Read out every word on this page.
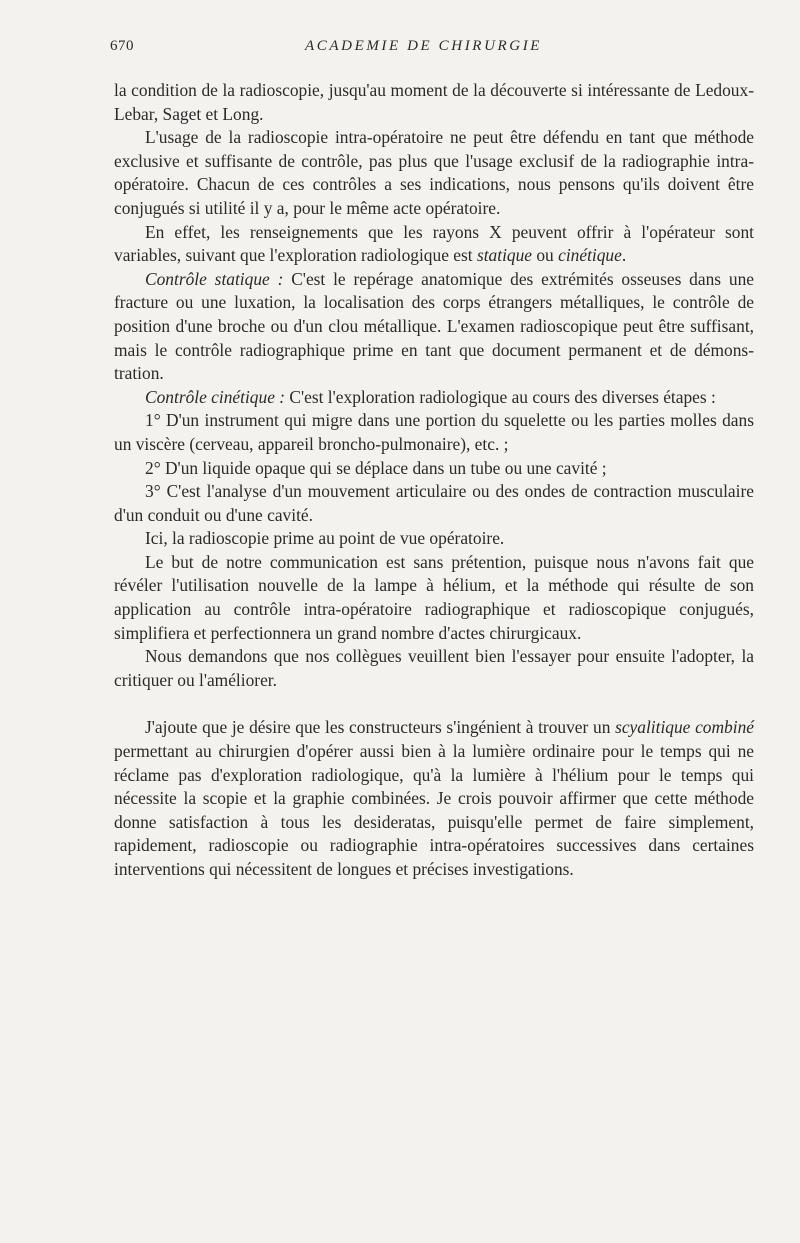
670	ACADEMIE DE CHIRURGIE

la condition de la radioscopie, jusqu'au moment de la découverte si intéressante de Ledoux-Lebar, Saget et Long.

L'usage de la radioscopie intra-opératoire ne peut être défendu en tant que méthode exclusive et suffisante de contrôle, pas plus que l'usage exclusif de la radiographie intra-opératoire. Chacun de ces contrôles a ses indications, nous pensons qu'ils doivent être conjugués si utilité il y a, pour le même acte opératoire.

En effet, les renseignements que les rayons X peuvent offrir à l'opérateur sont variables, suivant que l'exploration radiologique est statique ou cinétique.

Contrôle statique : C'est le repérage anatomique des extrémités osseuses dans une fracture ou une luxation, la localisation des corps étrangers métalliques, le contrôle de position d'une broche ou d'un clou métallique. L'examen radioscopique peut être suffisant, mais le contrôle radiographique prime en tant que document permanent et de démonstration.

Contrôle cinétique : C'est l'exploration radiologique au cours des diverses étapes :

1° D'un instrument qui migre dans une portion du squelette ou les parties molles dans un viscère (cerveau, appareil broncho-pulmonaire), etc. ;

2° D'un liquide opaque qui se déplace dans un tube ou une cavité ;

3° C'est l'analyse d'un mouvement articulaire ou des ondes de contraction musculaire d'un conduit ou d'une cavité.

Ici, la radioscopie prime au point de vue opératoire.

Le but de notre communication est sans prétention, puisque nous n'avons fait que révéler l'utilisation nouvelle de la lampe à hélium, et la méthode qui résulte de son application au contrôle intra-opératoire radiographique et radioscopique conjugués, simplifiera et perfectionnera un grand nombre d'actes chirurgicaux.

Nous demandons que nos collègues veuillent bien l'essayer pour ensuite l'adopter, la critiquer ou l'améliorer.

J'ajoute que je désire que les constructeurs s'ingénient à trouver un scyalitique combiné permettant au chirurgien d'opérer aussi bien à la lumière ordinaire pour le temps qui ne réclame pas d'exploration radiologique, qu'à la lumière à l'hélium pour le temps qui nécessite la scopie et la graphie combinées. Je crois pouvoir affirmer que cette méthode donne satisfaction à tous les desideratas, puisqu'elle permet de faire simplement, rapidement, radioscopie ou radiographie intra-opératoires successives dans certaines interventions qui nécessitent de longues et précises investigations.
